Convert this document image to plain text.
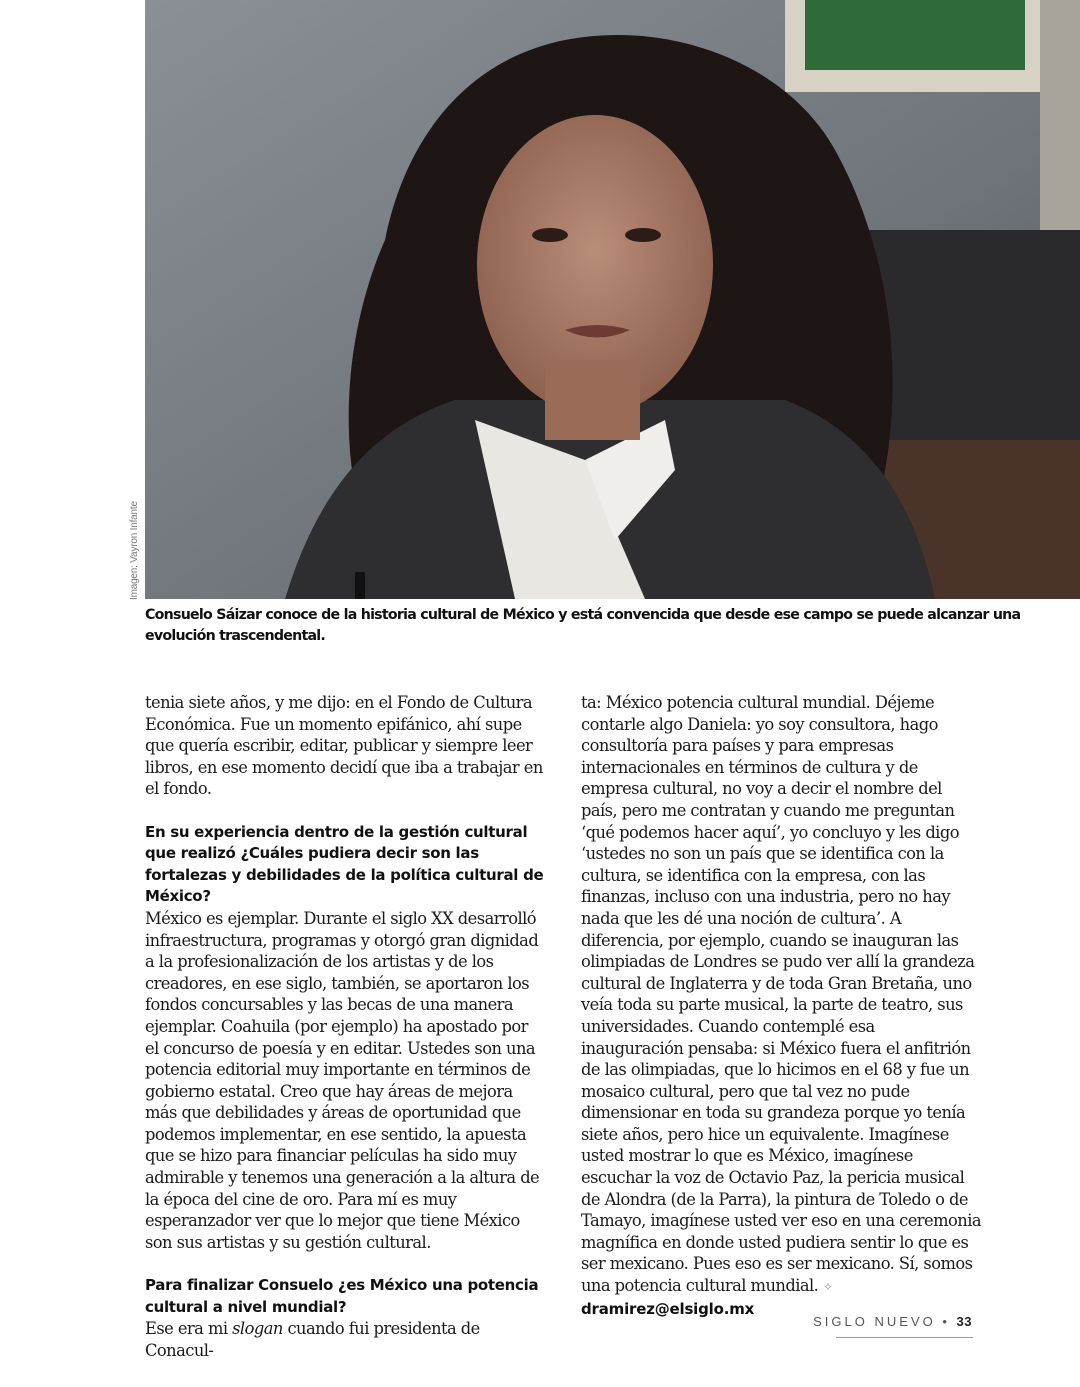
Imagen: Vayron Infante
Consuelo Sáizar conoce de la historia cultural de México y está convencida que desde ese campo se puede alcanzar una evolución trascendental.

tenia siete años, y me dijo: en el Fondo de Cultura Económica. Fue un momento epifánico, ahí supe que quería escribir, editar, publicar y siempre leer libros, en ese momento decidí que iba a trabajar en el fondo.

En su experiencia dentro de la gestión cultural que realizó ¿Cuáles pudiera decir son las fortalezas y debilidades de la política cultural de México?

México es ejemplar. Durante el siglo XX desarrolló infraestructura, programas y otorgó gran dignidad a la profesionalización de los artistas y de los creadores, en ese siglo, también, se aportaron los fondos concursables y las becas de una manera ejemplar. Coahuila (por ejemplo) ha apostado por el concurso de poesía y en editar. Ustedes son una potencia editorial muy importante en términos de gobierno estatal. Creo que hay áreas de mejora más que debilidades y áreas de oportunidad que podemos implementar, en ese sentido, la apuesta que se hizo para financiar películas ha sido muy admirable y tenemos una generación a la altura de la época del cine de oro. Para mí es muy esperanzador ver que lo mejor que tiene México son sus artistas y su gestión cultural.

Para finalizar Consuelo ¿es México una potencia cultural a nivel mundial?

Ese era mi slogan cuando fui presidenta de Conacul-

ta: México potencia cultural mundial. Déjeme contarle algo Daniela: yo soy consultora, hago consultoría para países y para empresas internacionales en términos de cultura y de empresa cultural, no voy a decir el nombre del país, pero me contratan y cuando me preguntan ‘qué podemos hacer aquí’, yo concluyo y les digo ‘ustedes no son un país que se identifica con la cultura, se identifica con la empresa, con las finanzas, incluso con una industria, pero no hay nada que les dé una noción de cultura’. A diferencia, por ejemplo, cuando se inauguran las olimpiadas de Londres se pudo ver allí la grandeza cultural de Inglaterra y de toda Gran Bretaña, uno veía toda su parte musical, la parte de teatro, sus universidades. Cuando contemplé esa inauguración pensaba: si México fuera el anfitrión de las olimpiadas, que lo hicimos en el 68 y fue un mosaico cultural, pero que tal vez no pude dimensionar en toda su grandeza porque yo tenía siete años, pero hice un equivalente. Imagínese usted mostrar lo que es México, imagínese escuchar la voz de Octavio Paz, la pericia musical de Alondra (de la Parra), la pintura de Toledo o de Tamayo, imagínese usted ver eso en una ceremonia magnífica en donde usted pudiera sentir lo que es ser mexicano. Pues eso es ser mexicano. Sí, somos una potencia cultural mundial. ✧

dramirez@elsiglo.mx

SIGLO NUEVO • 33
